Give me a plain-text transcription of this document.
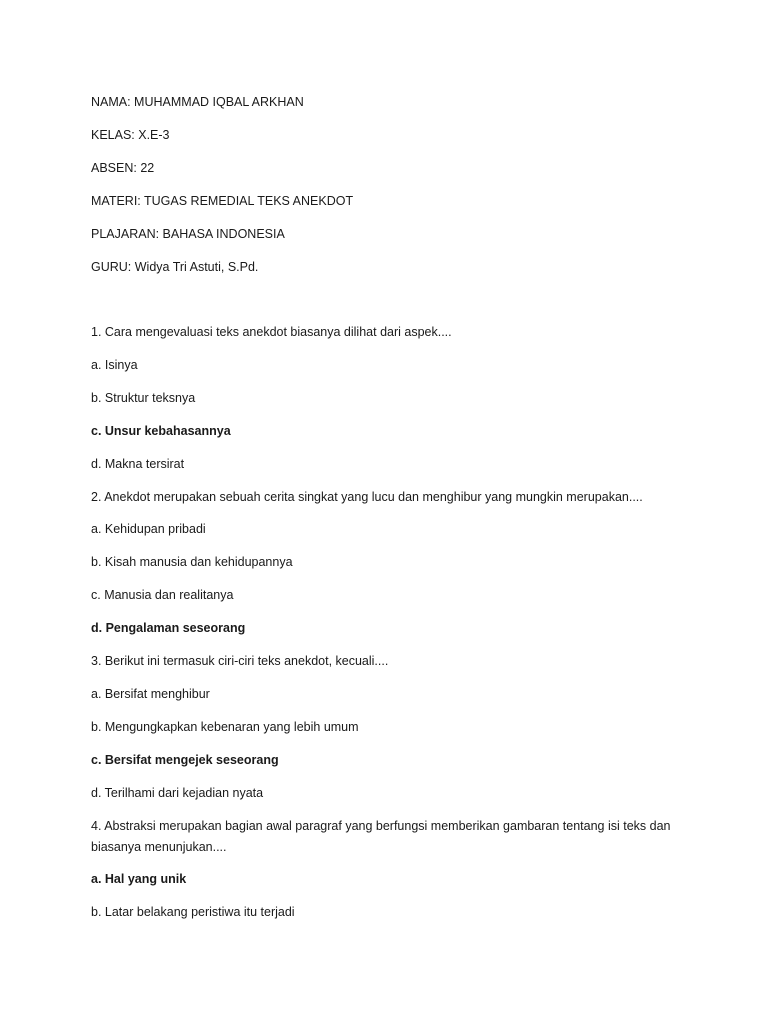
NAMA: MUHAMMAD IQBAL ARKHAN
KELAS: X.E-3
ABSEN: 22
MATERI: TUGAS REMEDIAL TEKS ANEKDOT
PLAJARAN: BAHASA INDONESIA
GURU: Widya Tri Astuti, S.Pd.
1. Cara mengevaluasi teks anekdot biasanya dilihat dari aspek....
a. Isinya
b. Struktur teksnya
c. Unsur kebahasannya
d. Makna tersirat
2. Anekdot merupakan sebuah cerita singkat yang lucu dan menghibur yang mungkin merupakan....
a. Kehidupan pribadi
b. Kisah manusia dan kehidupannya
c. Manusia dan realitanya
d. Pengalaman seseorang
3. Berikut ini termasuk ciri-ciri teks anekdot, kecuali....
a. Bersifat menghibur
b. Mengungkapkan kebenaran yang lebih umum
c. Bersifat mengejek seseorang
d. Terilhami dari kejadian nyata
4. Abstraksi merupakan bagian awal paragraf yang berfungsi memberikan gambaran tentang isi teks dan biasanya menunjukan....
a. Hal yang unik
b. Latar belakang peristiwa itu terjadi
